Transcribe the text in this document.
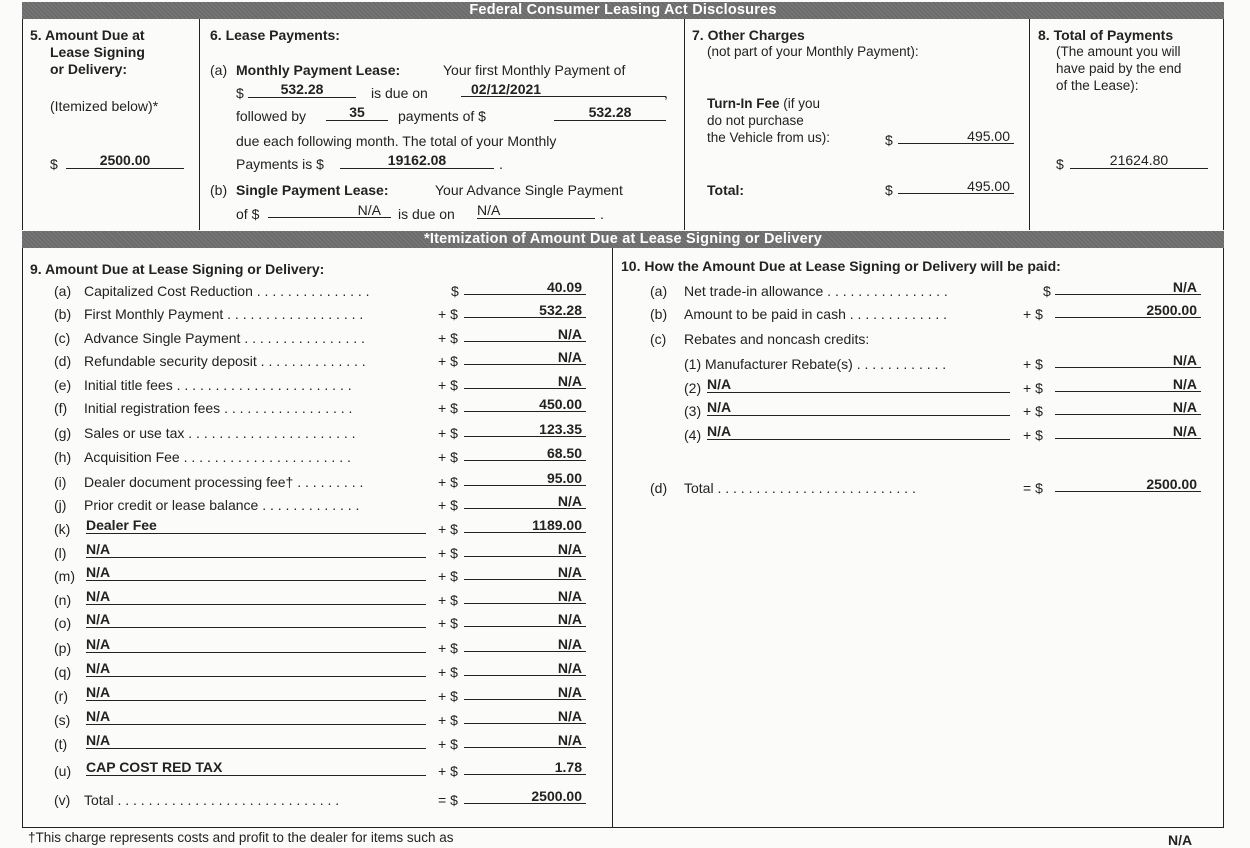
Federal Consumer Leasing Act Disclosures
5. Amount Due at
Lease Signing
or Delivery:
(Itemized below)*
$	2500.00
6. Lease Payments:
(a) Monthly Payment Lease:	Your first Monthly Payment of
$	532.28	is due on	02/12/2021	,
followed by	35	payments of $	532.28
due each following month. The total of your Monthly
Payments is $	19162.08	.
(b) Single Payment Lease:	Your Advance Single Payment
of $	N/A	is due on N/A	.
7. Other Charges
(not part of your Monthly Payment):
Turn-In Fee (if you
do not purchase
the Vehicle from us):	$	495.00
Total:	$	495.00
8. Total of Payments
(The amount you will
have paid by the end
of the Lease):
$	21624.80
*Itemization of Amount Due at Lease Signing or Delivery
9. Amount Due at Lease Signing or Delivery:
(a) Capitalized Cost Reduction . . . . . . . . . . . . . . .	$	40.09
(b) First Monthly Payment . . . . . . . . . . . . . . . . . .	+ $	532.28
(c) Advance Single Payment . . . . . . . . . . . . . . . .	+ $	N/A
(d) Refundable security deposit . . . . . . . . . . . . . .	+ $	N/A
(e) Initial title fees . . . . . . . . . . . . . . . . . . . . . . .	+ $	N/A
(f) Initial registration fees . . . . . . . . . . . . . . . . .	+ $	450.00
(g) Sales or use tax . . . . . . . . . . . . . . . . . . . . . .	+ $	123.35
(h) Acquisition Fee . . . . . . . . . . . . . . . . . . . . . .	+ $	68.50
(i) Dealer document processing fee† . . . . . . . . .	+ $	95.00
(j) Prior credit or lease balance . . . . . . . . . . . . .	+ $	N/A
(k) Dealer Fee	+ $	1189.00
(l) N/A	+ $	N/A
(m) N/A	+ $	N/A
(n) N/A	+ $	N/A
(o) N/A	+ $	N/A
(p) N/A	+ $	N/A
(q) N/A	+ $	N/A
(r) N/A	+ $	N/A
(s) N/A	+ $	N/A
(t) N/A	+ $	N/A
(u) CAP COST RED TAX	+ $	1.78
(v) Total . . . . . . . . . . . . . . . . . . . . . . . . . . . . .	= $	2500.00
10. How the Amount Due at Lease Signing or Delivery will be paid:
(a) Net trade-in allowance . . . . . . . . . . . . . . . .	$	N/A
(b) Amount to be paid in cash . . . . . . . . . . . . .	+ $	2500.00
(c) Rebates and noncash credits:
(1) Manufacturer Rebate(s) . . . . . . . . . . . .	+ $	N/A
(2) N/A	+ $	N/A
(3) N/A	+ $	N/A
(4) N/A	+ $	N/A
(d) Total . . . . . . . . . . . . . . . . . . . . . . . . . .	= $	2500.00
†This charge represents costs and profit to the dealer for items such as	N/A
